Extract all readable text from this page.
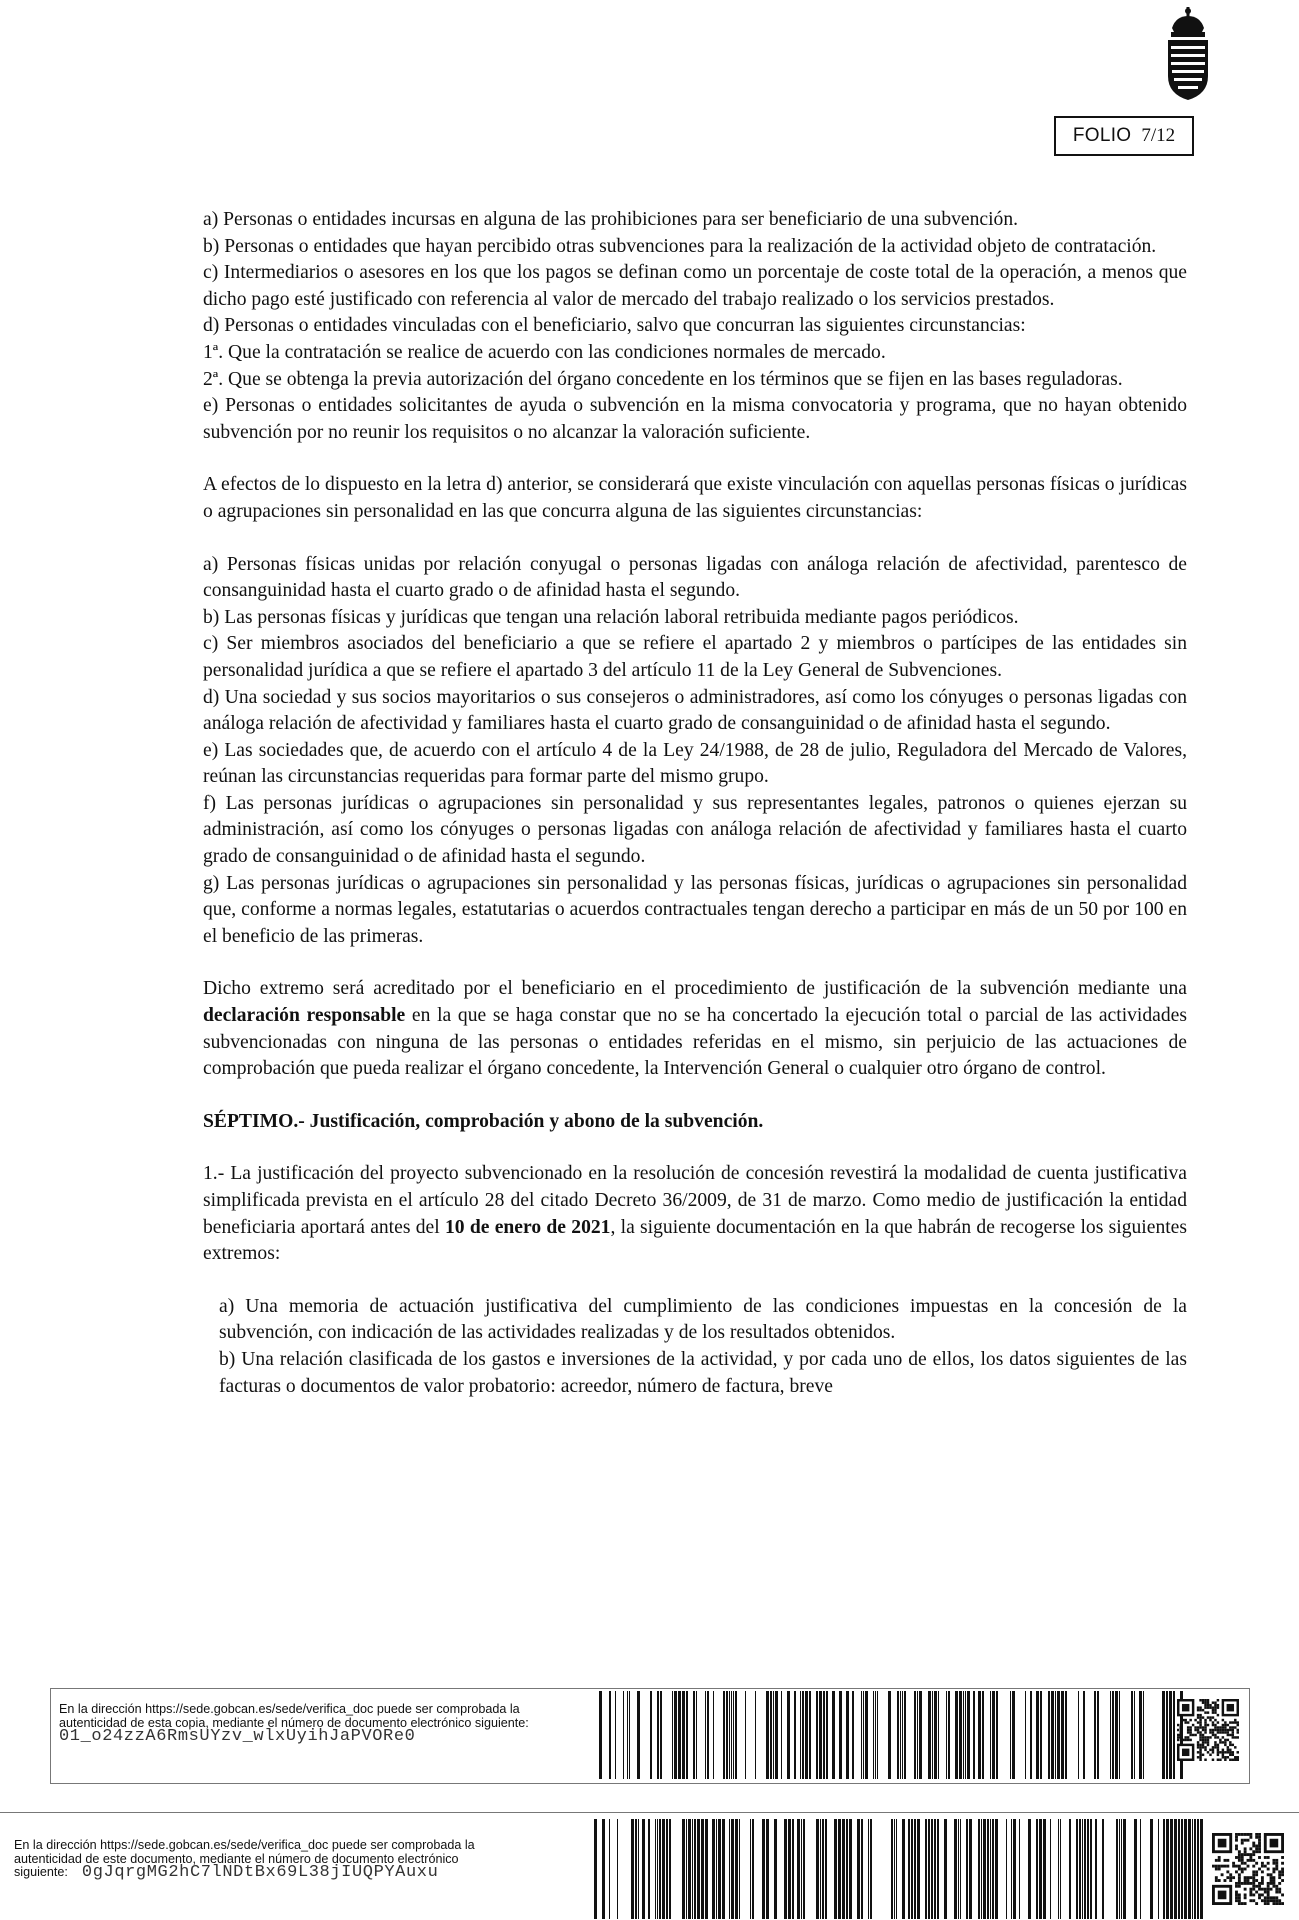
FOLIO 7/12

a) Personas o entidades incursas en alguna de las prohibiciones para ser beneficiario de una subvención.

b) Personas o entidades que hayan percibido otras subvenciones para la realización de la actividad objeto de contratación.

c) Intermediarios o asesores en los que los pagos se definan como un porcentaje de coste total de la operación, a menos que dicho pago esté justificado con referencia al valor de mercado del trabajo realizado o los servicios prestados.

d) Personas o entidades vinculadas con el beneficiario, salvo que concurran las siguientes circunstancias:

1ª. Que la contratación se realice de acuerdo con las condiciones normales de mercado.

2ª. Que se obtenga la previa autorización del órgano concedente en los términos que se fijen en las bases reguladoras.

e) Personas o entidades solicitantes de ayuda o subvención en la misma convocatoria y programa, que no hayan obtenido subvención por no reunir los requisitos o no alcanzar la valoración suficiente.

A efectos de lo dispuesto en la letra d) anterior, se considerará que existe vinculación con aquellas personas físicas o jurídicas o agrupaciones sin personalidad en las que concurra alguna de las siguientes circunstancias:

a) Personas físicas unidas por relación conyugal o personas ligadas con análoga relación de afectividad, parentesco de consanguinidad hasta el cuarto grado o de afinidad hasta el segundo.

b) Las personas físicas y jurídicas que tengan una relación laboral retribuida mediante pagos periódicos.

c) Ser miembros asociados del beneficiario a que se refiere el apartado 2 y miembros o partícipes de las entidades sin personalidad jurídica a que se refiere el apartado 3 del artículo 11 de la Ley General de Subvenciones.

d) Una sociedad y sus socios mayoritarios o sus consejeros o administradores, así como los cónyuges o personas ligadas con análoga relación de afectividad y familiares hasta el cuarto grado de consanguinidad o de afinidad hasta el segundo.

e) Las sociedades que, de acuerdo con el artículo 4 de la Ley 24/1988, de 28 de julio, Reguladora del Mercado de Valores, reúnan las circunstancias requeridas para formar parte del mismo grupo.

f) Las personas jurídicas o agrupaciones sin personalidad y sus representantes legales, patronos o quienes ejerzan su administración, así como los cónyuges o personas ligadas con análoga relación de afectividad y familiares hasta el cuarto grado de consanguinidad o de afinidad hasta el segundo.

g) Las personas jurídicas o agrupaciones sin personalidad y las personas físicas, jurídicas o agrupaciones sin personalidad que, conforme a normas legales, estatutarias o acuerdos contractuales tengan derecho a participar en más de un 50 por 100 en el beneficio de las primeras.

Dicho extremo será acreditado por el beneficiario en el procedimiento de justificación de la subvención mediante una declaración responsable en la que se haga constar que no se ha concertado la ejecución total o parcial de las actividades subvencionadas con ninguna de las personas o entidades referidas en el mismo, sin perjuicio de las actuaciones de comprobación que pueda realizar el órgano concedente, la Intervención General o cualquier otro órgano de control.

SÉPTIMO.- Justificación, comprobación y abono de la subvención.

1.- La justificación del proyecto subvencionado en la resolución de concesión revestirá la modalidad de cuenta justificativa simplificada prevista en el artículo 28 del citado Decreto 36/2009, de 31 de marzo. Como medio de justificación la entidad beneficiaria aportará antes del 10 de enero de 2021, la siguiente documentación en la que habrán de recogerse los siguientes extremos:

a) Una memoria de actuación justificativa del cumplimiento de las condiciones impuestas en la concesión de la subvención, con indicación de las actividades realizadas y de los resultados obtenidos.

b) Una relación clasificada de los gastos e inversiones de la actividad, y por cada uno de ellos, los datos siguientes de las facturas o documentos de valor probatorio: acreedor, número de factura, breve

En la dirección https://sede.gobcan.es/sede/verifica_doc puede ser comprobada la
autenticidad de esta copia, mediante el número de documento electrónico siguiente:
01_o24zzA6RmsUYzv_wlxUyihJaPVORe0
En la dirección https://sede.gobcan.es/sede/verifica_doc puede ser comprobada la
autenticidad de este documento, mediante el número de documento electrónico
siguiente: 0gJqrgMG2hC7lNDtBx69L38jIUQPYAuxu
